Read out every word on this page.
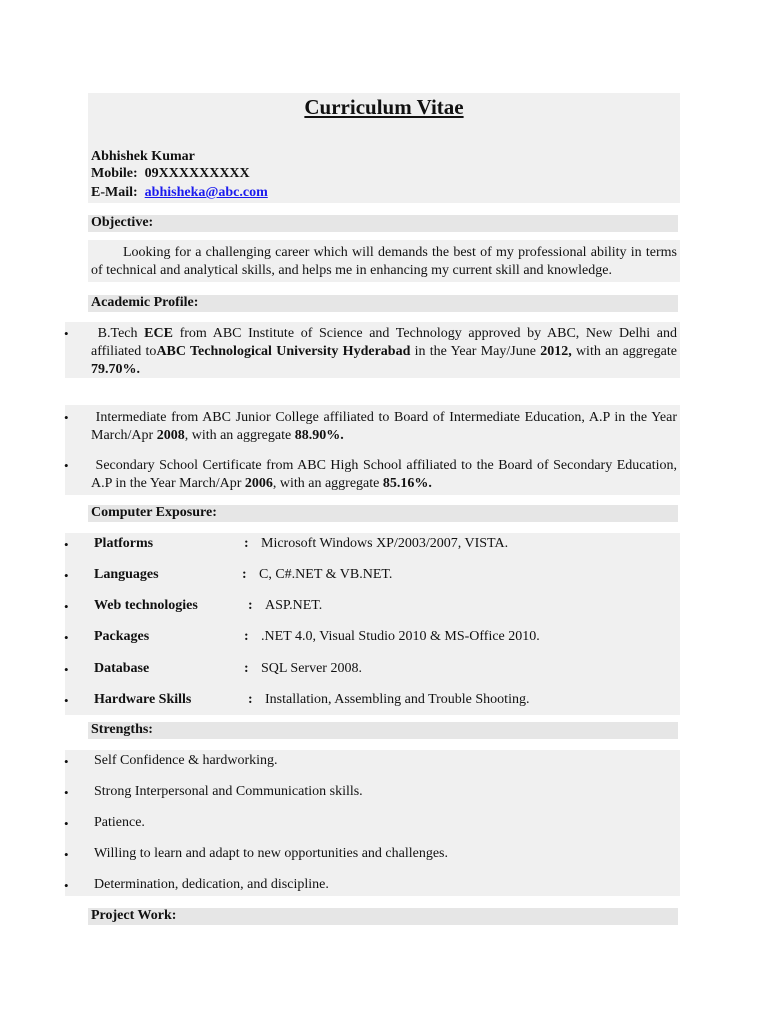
Curriculum Vitae
Abhishek Kumar
Mobile: 09XXXXXXXXX
E-Mail: abhisheka@abc.com
Objective:
Looking for a challenging career which will demands the best of my professional ability in terms of technical and analytical skills, and helps me in enhancing my current skill and knowledge.
Academic Profile:
•	B.Tech ECE from ABC Institute of Science and Technology approved by ABC, New Delhi and affiliated toABC Technological University Hyderabad in the Year May/June 2012, with an aggregate 79.70%.
•	Intermediate from ABC Junior College affiliated to Board of Intermediate Education, A.P in the Year March/Apr 2008, with an aggregate 88.90%.
•	Secondary School Certificate from ABC High School affiliated to the Board of Secondary Education, A.P in the Year March/Apr 2006, with an aggregate 85.16%.
Computer Exposure:
• Platforms	: Microsoft Windows XP/2003/2007, VISTA.
• Languages	: C, C#.NET & VB.NET.
• Web technologies	: ASP.NET.
• Packages	: .NET 4.0, Visual Studio 2010 & MS-Office 2010.
• Database	: SQL Server 2008.
• Hardware Skills	: Installation, Assembling and Trouble Shooting.
Strengths:
• Self Confidence & hardworking.
• Strong Interpersonal and Communication skills.
• Patience.
• Willing to learn and adapt to new opportunities and challenges.
• Determination, dedication, and discipline.
Project Work:
